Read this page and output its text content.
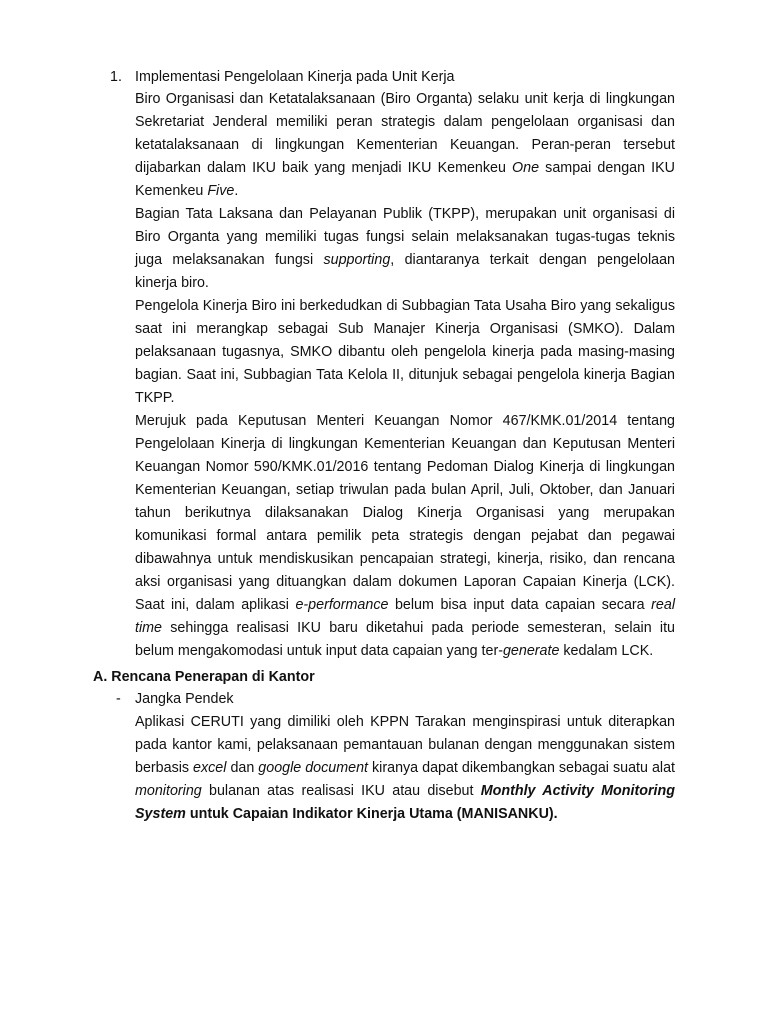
1. Implementasi Pengelolaan Kinerja pada Unit Kerja

Biro Organisasi dan Ketatalaksanaan (Biro Organta) selaku unit kerja di lingkungan Sekretariat Jenderal memiliki peran strategis dalam pengelolaan organisasi dan ketatalaksanaan di lingkungan Kementerian Keuangan. Peran-peran tersebut dijabarkan dalam IKU baik yang menjadi IKU Kemenkeu One sampai dengan IKU Kemenkeu Five.

Bagian Tata Laksana dan Pelayanan Publik (TKPP), merupakan unit organisasi di Biro Organta yang memiliki tugas fungsi selain melaksanakan tugas-tugas teknis juga melaksanakan fungsi supporting, diantaranya terkait dengan pengelolaan kinerja biro.

Pengelola Kinerja Biro ini berkedudkan di Subbagian Tata Usaha Biro yang sekaligus saat ini merangkap sebagai Sub Manajer Kinerja Organisasi (SMKO). Dalam pelaksanaan tugasnya, SMKO dibantu oleh pengelola kinerja pada masing-masing bagian. Saat ini, Subbagian Tata Kelola II, ditunjuk sebagai pengelola kinerja Bagian TKPP.

Merujuk pada Keputusan Menteri Keuangan Nomor 467/KMK.01/2014 tentang Pengelolaan Kinerja di lingkungan Kementerian Keuangan dan Keputusan Menteri Keuangan Nomor 590/KMK.01/2016 tentang Pedoman Dialog Kinerja di lingkungan Kementerian Keuangan, setiap triwulan pada bulan April, Juli, Oktober, dan Januari tahun berikutnya dilaksanakan Dialog Kinerja Organisasi yang merupakan komunikasi formal antara pemilik peta strategis dengan pejabat dan pegawai dibawahnya untuk mendiskusikan pencapaian strategi, kinerja, risiko, dan rencana aksi organisasi yang dituangkan dalam dokumen Laporan Capaian Kinerja (LCK). Saat ini, dalam aplikasi e-performance belum bisa input data capaian secara real time sehingga realisasi IKU baru diketahui pada periode semesteran, selain itu belum mengakomodasi untuk input data capaian yang ter-generate kedalam LCK.

A. Rencana Penerapan di Kantor
- Jangka Pendek

Aplikasi CERUTI yang dimiliki oleh KPPN Tarakan menginspirasi untuk diterapkan pada kantor kami, pelaksanaan pemantauan bulanan dengan menggunakan sistem berbasis excel dan google document kiranya dapat dikembangkan sebagai suatu alat monitoring bulanan atas realisasi IKU atau disebut Monthly Activity Monitoring System untuk Capaian Indikator Kinerja Utama (MANISANKU).
